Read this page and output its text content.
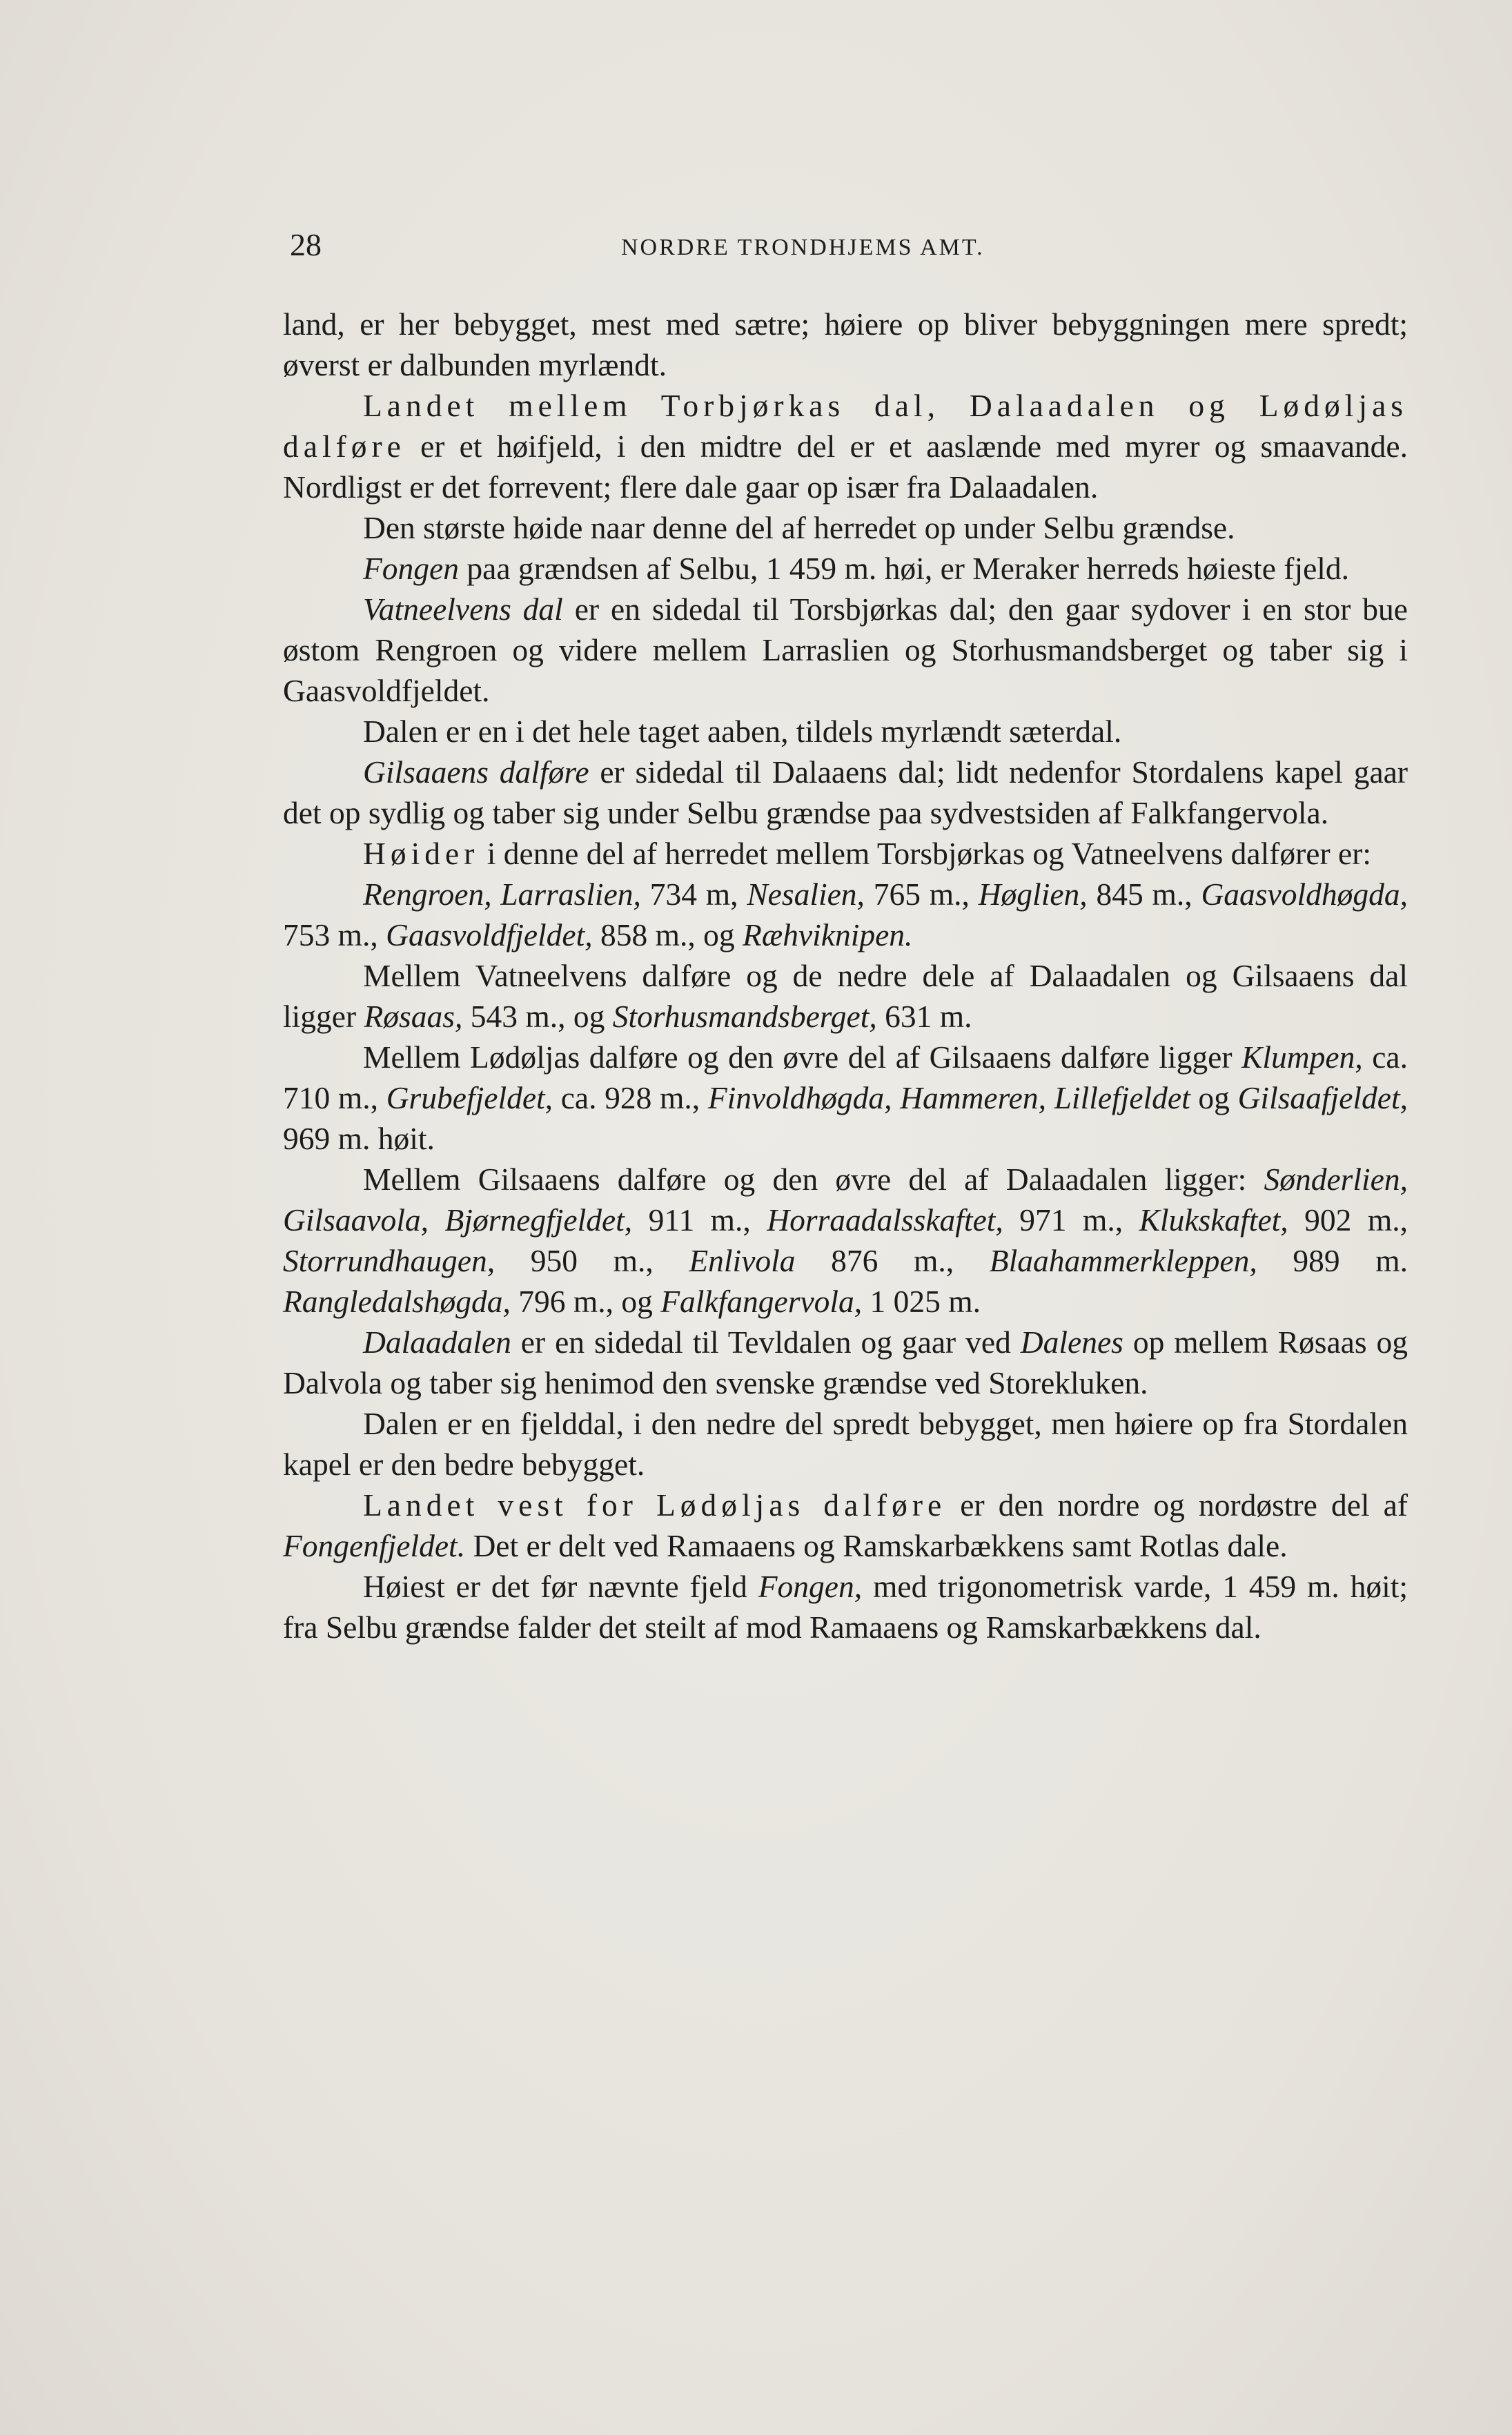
28	NORDRE TRONDHJEMS AMT.

land, er her bebygget, mest med sætre; høiere op bliver bebyggningen mere spredt; øverst er dalbunden myrlændt.

Landet mellem Torbjørkas dal, Dalaadalen og Lødøljas dalføre er et høifjeld, i den midtre del er et aaslænde med myrer og smaavande. Nordligst er det forrevent; flere dale gaar op især fra Dalaadalen.

Den største høide naar denne del af herredet op under Selbu grændse.

Fongen paa grændsen af Selbu, 1 459 m. høi, er Meraker herreds høieste fjeld.

Vatneelvens dal er en sidedal til Torsbjørkas dal; den gaar sydover i en stor bue østom Rengroen og videre mellem Larraslien og Storhusmandsberget og taber sig i Gaasvoldfjeldet.

Dalen er en i det hele taget aaben, tildels myrlændt sæterdal.

Gilsaaens dalføre er sidedal til Dalaaens dal; lidt nedenfor Stordalens kapel gaar det op sydlig og taber sig under Selbu grændse paa sydvestsiden af Falkfangervola.

Høider i denne del af herredet mellem Torsbjørkas og Vatneelvens dalfører er:

Rengroen, Larraslien, 734 m, Nesalien, 765 m., Høglien, 845 m., Gaasvoldhøgda, 753 m., Gaasvoldfjeldet, 858 m., og Ræhviknipen.

Mellem Vatneelvens dalføre og de nedre dele af Dalaadalen og Gilsaaens dal ligger Røsaas, 543 m., og Storhusmandsberget, 631 m.

Mellem Lødøljas dalføre og den øvre del af Gilsaaens dalføre ligger Klumpen, ca. 710 m., Grubefjeldet, ca. 928 m., Finvoldhøgda, Hammeren, Lillefjeldet og Gilsaafjeldet, 969 m. høit.

Mellem Gilsaaens dalføre og den øvre del af Dalaadalen ligger: Sønderlien, Gilsaavola, Bjørnegfjeldet, 911 m., Horraadalsskaftet, 971 m., Klukskaftet, 902 m., Storrundhaugen, 950 m., Enlivola 876 m., Blaahammerkleppen, 989 m. Rangledalshøgda, 796 m., og Falkfangervola, 1 025 m.

Dalaadalen er en sidedal til Tevldalen og gaar ved Dalenes op mellem Røsaas og Dalvola og taber sig henimod den svenske grændse ved Storekluken.

Dalen er en fjelddal, i den nedre del spredt bebygget, men høiere op fra Stordalen kapel er den bedre bebygget.

Landet vest for Lødøljas dalføre er den nordre og nordøstre del af Fongenfjeldet. Det er delt ved Ramaaens og Ramskarbækkens samt Rotlas dale.

Høiest er det før nævnte fjeld Fongen, med trigonometrisk varde, 1 459 m. høit; fra Selbu grændse falder det steilt af mod Ramaaens og Ramskarbækkens dal.
